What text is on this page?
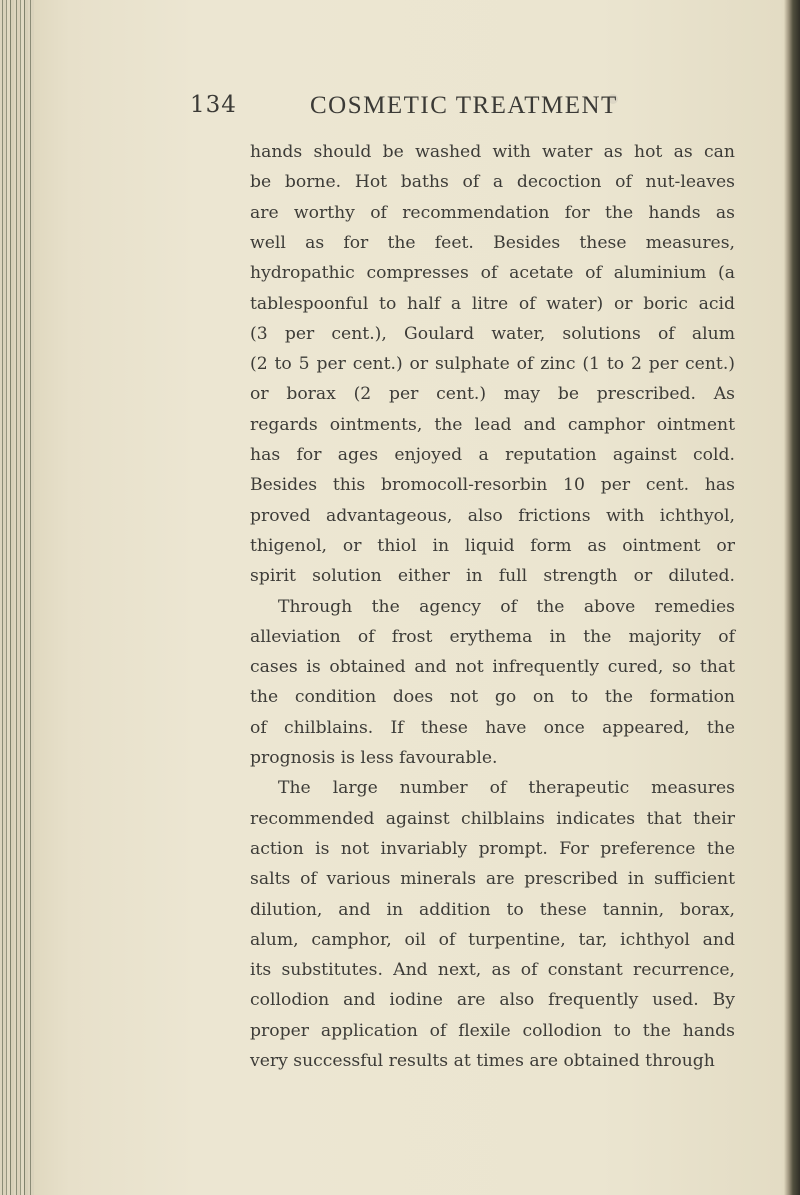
134	COSMETIC TREATMENT
hands should be washed with water as hot as can
be borne. Hot baths of a decoction of nut-leaves
are worthy of recommendation for the hands as
well as for the feet. Besides these measures,
hydropathic compresses of acetate of aluminium (a
tablespoonful to half a litre of water) or boric acid
(3 per cent.), Goulard water, solutions of alum
(2 to 5 per cent.) or sulphate of zinc (1 to 2 per cent.)
or borax (2 per cent.) may be prescribed. As
regards ointments, the lead and camphor ointment
has for ages enjoyed a reputation against cold.
Besides this bromocoll-resorbin 10 per cent. has
proved advantageous, also frictions with ichthyol,
thigenol, or thiol in liquid form as ointment or
spirit solution either in full strength or diluted.
Through the agency of the above remedies
alleviation of frost erythema in the majority of
cases is obtained and not infrequently cured, so that
the condition does not go on to the formation
of chilblains. If these have once appeared, the
prognosis is less favourable.
The large number of therapeutic measures
recommended against chilblains indicates that their
action is not invariably prompt. For preference the
salts of various minerals are prescribed in sufficient
dilution, and in addition to these tannin, borax,
alum, camphor, oil of turpentine, tar, ichthyol and
its substitutes. And next, as of constant recurrence,
collodion and iodine are also frequently used. By
proper application of flexile collodion to the hands
very successful results at times are obtained through
